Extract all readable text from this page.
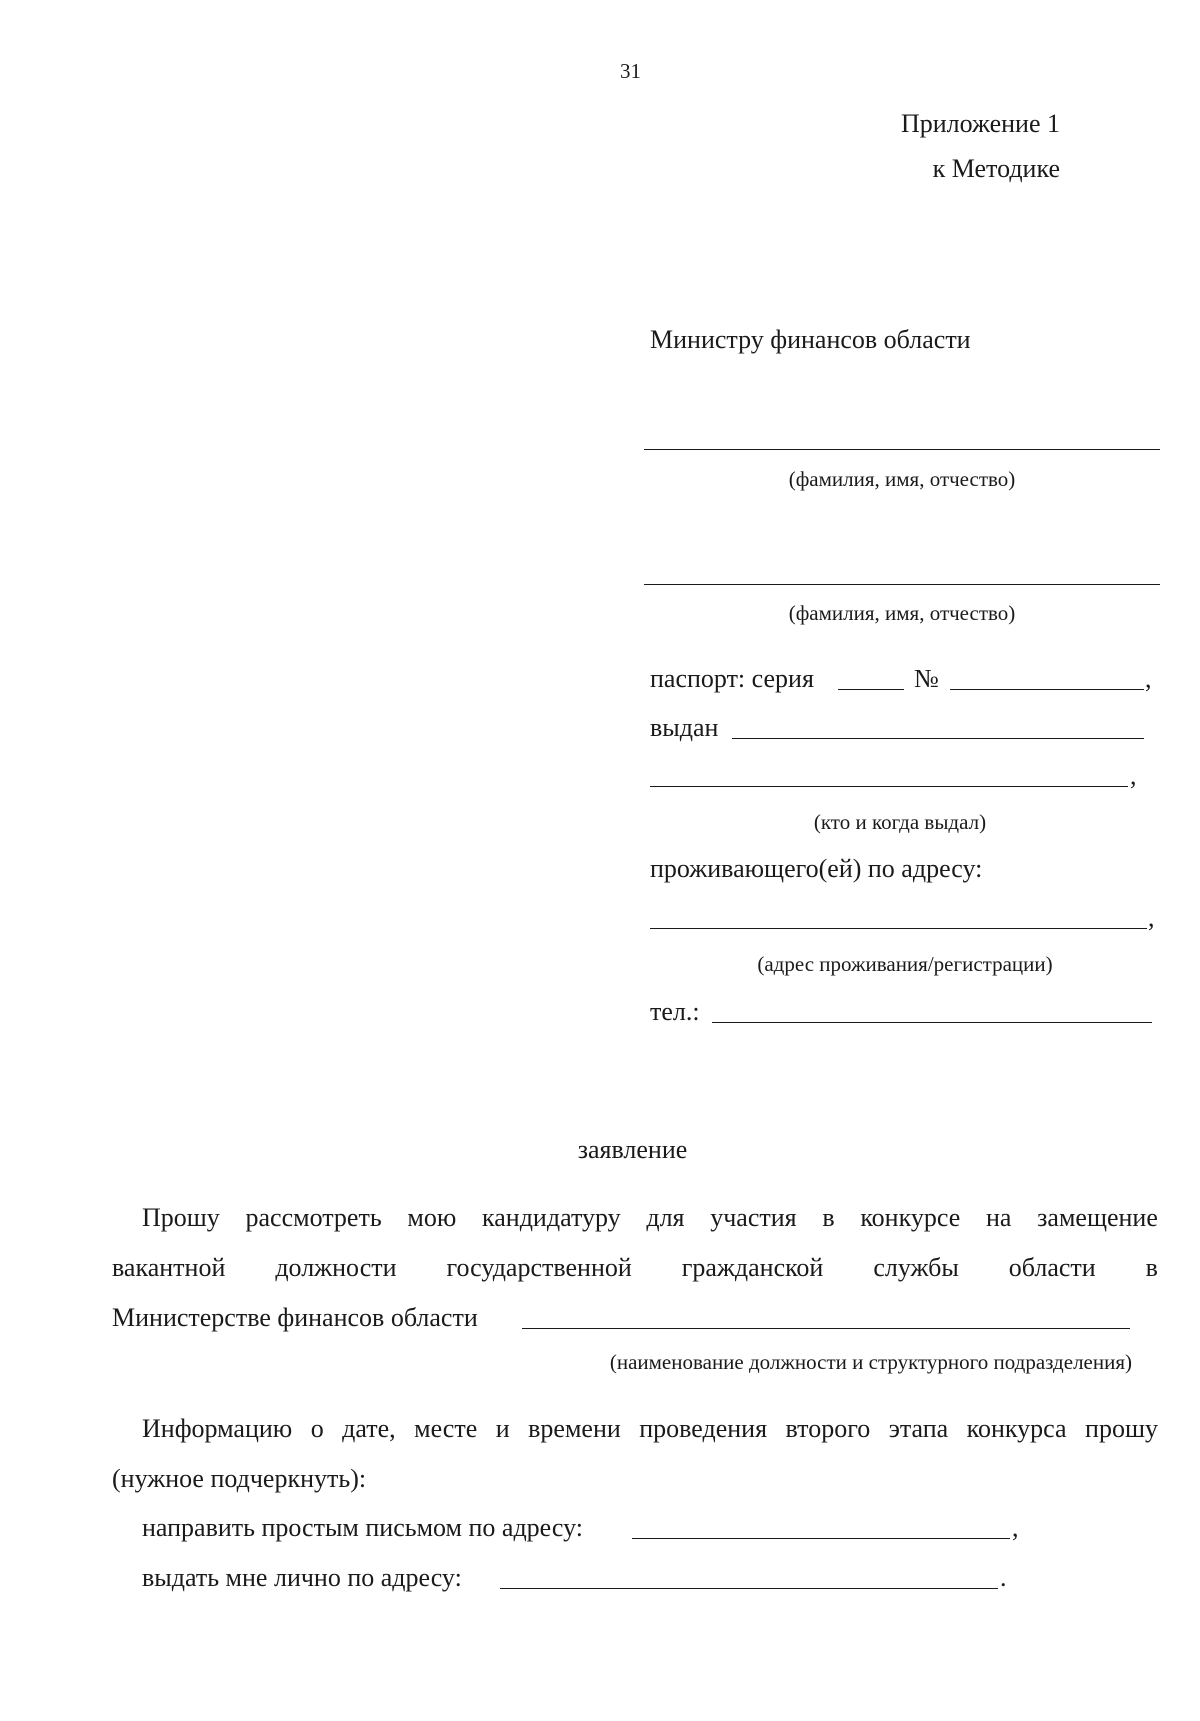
31
Приложение 1
к Методике
Министру финансов области
(фамилия, имя, отчество)
(фамилия, имя, отчество)
паспорт: серия	№	,
выдан
,
(кто и когда выдал)
проживающего(ей) по адресу:
,
(адрес проживания/регистрации)
тел.:
заявление
Прошу рассмотреть мою кандидатуру для участия в конкурсе на замещение
вакантной должности государственной гражданской службы области в
Министерстве финансов области
(наименование должности и структурного подразделения)
Информацию о дате, месте и времени проведения второго этапа конкурса прошу
(нужное подчеркнуть):
направить простым письмом по адресу:	,
выдать мне лично по адресу:	.
